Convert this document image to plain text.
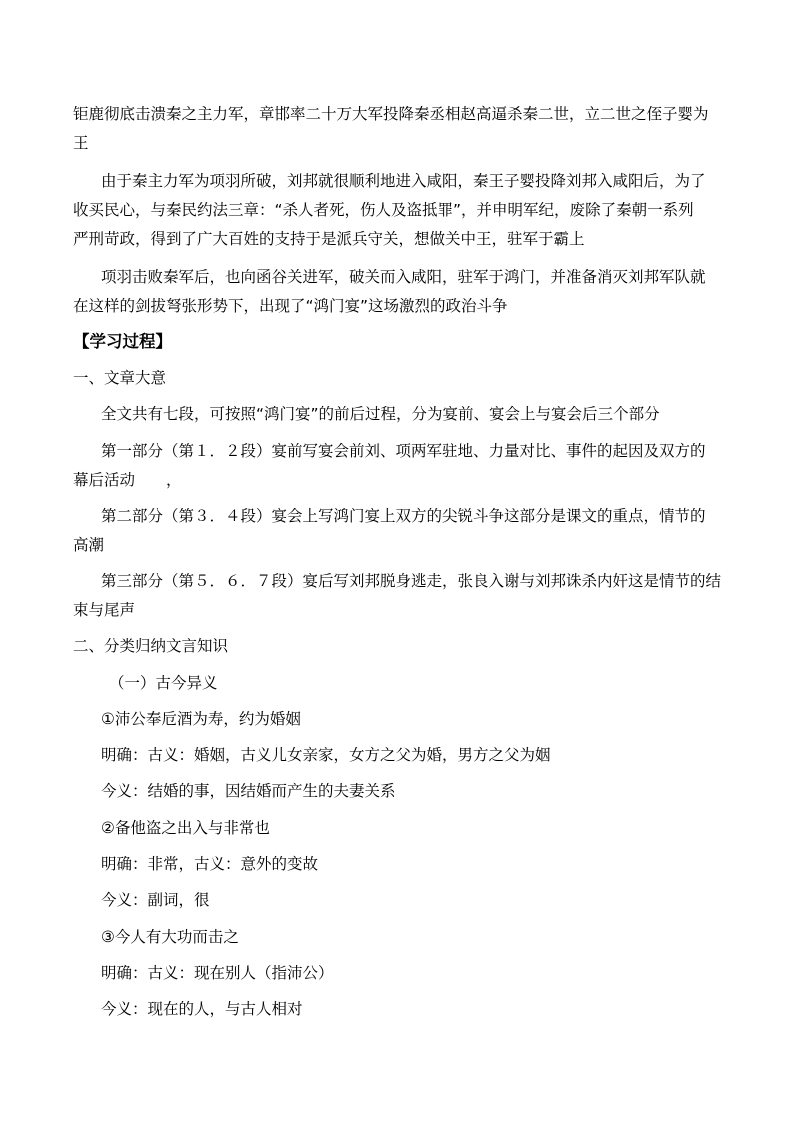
钜鹿彻底击溃秦之主力军，章邯率二十万大军投降秦丞相赵高逼杀秦二世，立二世之侄子婴为
王
由于秦主力军为项羽所破，刘邦就很顺利地进入咸阳，秦王子婴投降刘邦入咸阳后，为了
收买民心，与秦民约法三章：“杀人者死，伤人及盗抵罪”，并申明军纪，废除了秦朝一系列
严刑苛政，得到了广大百姓的支持于是派兵守关，想做关中王，驻军于霸上
项羽击败秦军后，也向函谷关进军，破关而入咸阳，驻军于鸿门，并准备消灭刘邦军队就
在这样的剑拔弩张形势下，出现了“鸿门宴”这场激烈的政治斗争
【学习过程】
一、文章大意
全文共有七段，可按照“鸿门宴”的前后过程，分为宴前、宴会上与宴会后三个部分
第一部分（第１．２段）宴前写宴会前刘、项两军驻地、力量对比、事件的起因及双方的
幕后活动　　，
第二部分（第３．４段）宴会上写鸿门宴上双方的尖锐斗争这部分是课文的重点，情节的
高潮
第三部分（第５．６．７段）宴后写刘邦脱身逃走，张良入谢与刘邦诛杀内奸这是情节的结
束与尾声
二、分类归纳文言知识
（一）古今异义
①沛公奉卮酒为寿，约为婚姻
明确：古义：婚姻，古义儿女亲家，女方之父为婚，男方之父为姻
今义：结婚的事，因结婚而产生的夫妻关系
②备他盗之出入与非常也
明确：非常，古义：意外的变故
今义：副词，很
③今人有大功而击之
明确：古义：现在别人（指沛公）
今义：现在的人，与古人相对
